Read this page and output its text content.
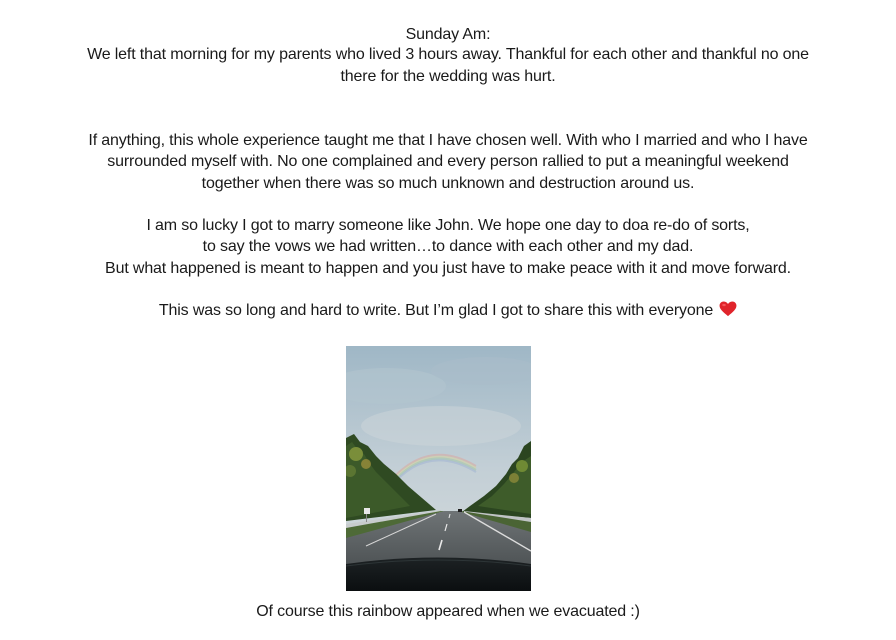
Sunday Am:
We left that morning for my parents who lived 3 hours away. Thankful for each other and thankful no one
there for the wedding was hurt.
If anything, this whole experience taught me that I have chosen well. With who I married and who I have
surrounded myself with. No one complained and every person rallied to put a meaningful weekend
together when there was so much unknown and destruction around us.
I am so lucky I got to marry someone like John. We hope one day to doa re-do of sorts,
to say the vows we had written…to dance with each other and my dad.
But what happened is meant to happen and you just have to make peace with it and move forward.
This was so long and hard to write. But I’m glad I got to share this with everyone
Of course this rainbow appeared when we evacuated :)
